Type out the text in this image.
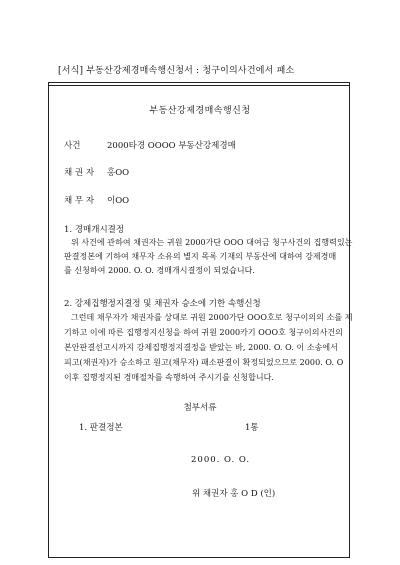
[서식] 부동산강제경매속행신청서 : 청구이의사건에서 패소
부동산강제경매속행신청
사건	2000타경 OOOO 부동산강제경매
채 권 자 홍OO
채 무 자 이OO
1. 경매개시결정
위 사건에 관하여 채권자는 귀원 2000가단 OOO 대여금 청구사건의 집행력있는
판결정본에 기하여 채무자 소유의 별지 목록 기재의 부동산에 대하여 강제경매
를 신청하여 2000. O. O. 경매개시결정이 되었습니다.
2. 강제집행정지결정 및 채권자 승소에 기한 속행신청
그런데 채무자가 채권자를 상대로 귀원 2000가단 OOO호로 청구이의의 소를 제
기하고 이에 따른 집행정지신청을 하여 귀원 2000카기 OOO호 청구이의사건의
본안판결선고시까지 강제집행정지결정을 받았는 바, 2000. O. O. 이 소송에서
피고(채권자)가 승소하고 원고(채무자) 패소판결이 확정되었으므로 2000. O. O
이후 집행정지된 경매절차를 속행하여 주시기를 신청합니다.
첨부서류
1. 판결정본	1통
2000. O. O.
위 채권자 홍 O D (인)
